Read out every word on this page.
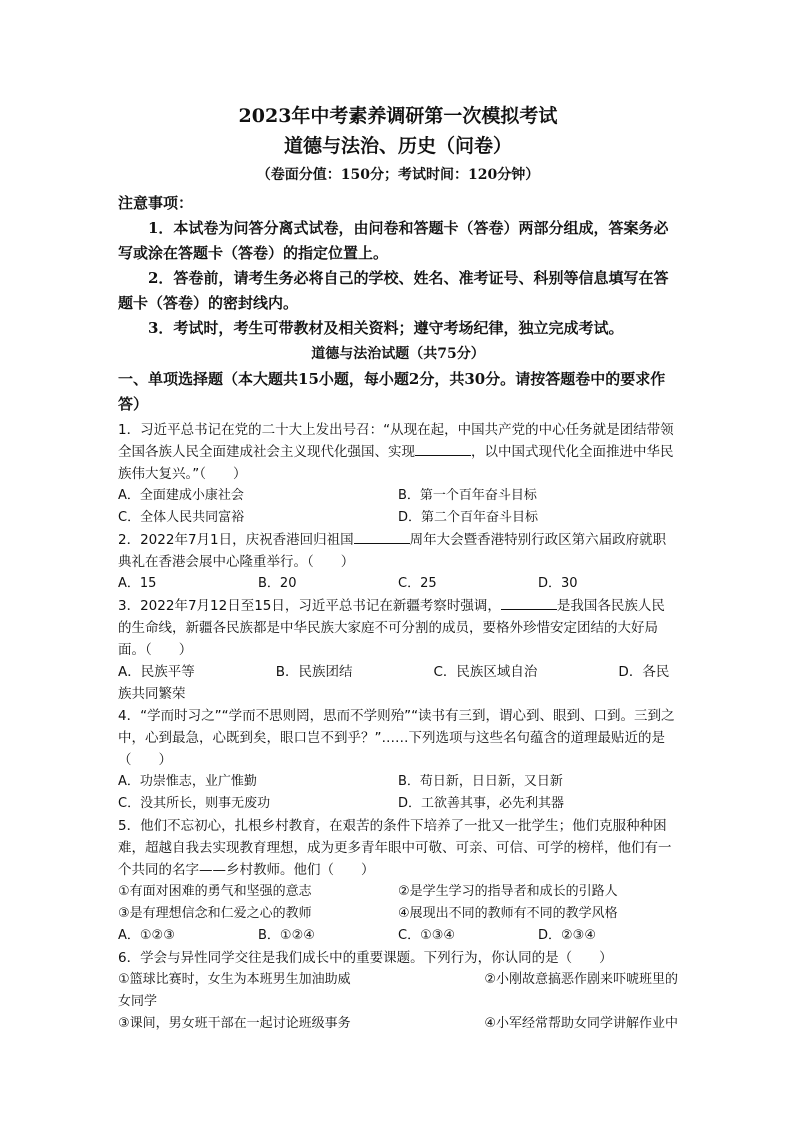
2023年中考素养调研第一次模拟考试
道德与法治、历史（问卷）
（卷面分值：150分；考试时间：120分钟）
注意事项：
1．本试卷为问答分离式试卷，由问卷和答题卡（答卷）两部分组成，答案务必写或涂在答题卡（答卷）的指定位置上。
2．答卷前，请考生务必将自己的学校、姓名、准考证号、科别等信息填写在答题卡（答卷）的密封线内。
3．考试时，考生可带教材及相关资料；遵守考场纪律，独立完成考试。
道德与法治试题（共75分）
一、单项选择题（本大题共15小题，每小题2分，共30分。请按答题卷中的要求作答）
1．习近平总书记在党的二十大上发出号召：“从现在起，中国共产党的中心任务就是团结带领全国各族人民全面建成社会主义现代化强国、实现	，以中国式现代化全面推进中华民族伟大复兴。”（　　）
A．全面建成小康社会	B．第一个百年奋斗目标
C．全体人民共同富裕	D．第二个百年奋斗目标
2．2022年7月1日，庆祝香港回归祖国	周年大会暨香港特别行政区第六届政府就职典礼在香港会展中心隆重举行。（　　）
A．15	B．20	C．25	D．30
3．2022年7月12日至15日，习近平总书记在新疆考察时强调，	是我国各民族人民的生命线，新疆各民族都是中华民族大家庭不可分割的成员，要格外珍惜安定团结的大好局面。（　　）
A．民族平等　　　　　　B．民族团结　　　　　　C．民族区域自治　　　　　　D．各民族共同繁荣
4．“学而时习之”“学而不思则罔，思而不学则殆”“读书有三到，谓心到、眼到、口到。三到之中，心到最急，心既到矣，眼口岂不到乎？”……下列选项与这些名句蕴含的道理最贴近的是（　　）
A．功崇惟志，业广惟勤	B．苟日新，日日新，又日新
C．没其所长，则事无废功	D．工欲善其事，必先利其器
5．他们不忘初心，扎根乡村教育，在艰苦的条件下培养了一批又一批学生；他们克服种种困难，超越自我去实现教育理想，成为更多青年眼中可敬、可亲、可信、可学的榜样，他们有一个共同的名字——乡村教师。他们（　　）
①有面对困难的勇气和坚强的意志	②是学生学习的指导者和成长的引路人
③是有理想信念和仁爱之心的教师	④展现出不同的教师有不同的教学风格
A．①②③	B．①②④	C．①③④	D．②③④
6．学会与异性同学交往是我们成长中的重要课题。下列行为，你认同的是（　　）
①篮球比赛时，女生为本班男生加油助威	②小刚故意搞恶作剧来吓唬班里的
女同学
③课间，男女班干部在一起讨论班级事务	④小军经常帮助女同学讲解作业中
